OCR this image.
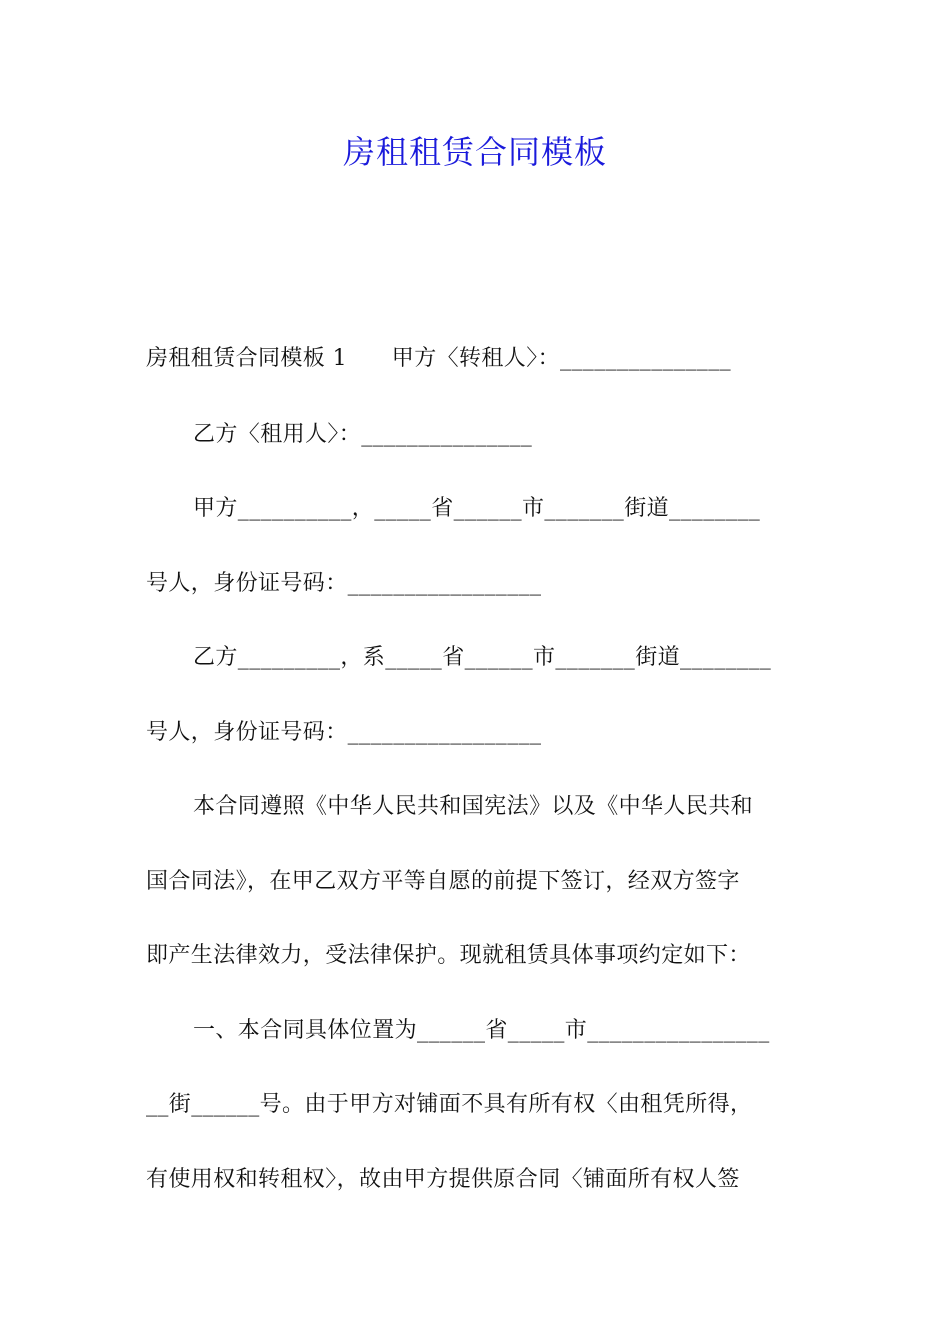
房租租赁合同模板
房租租赁合同模板 1　　甲方〈转租人〉：_______________
乙方〈租用人〉：_______________
甲方__________，_____省______市_______街道________
号人，身份证号码：_________________
乙方_________，系_____省______市_______街道________
号人，身份证号码：_________________
本合同遵照《中华人民共和国宪法》以及《中华人民共和
国合同法》，在甲乙双方平等自愿的前提下签订，经双方签字
即产生法律效力，受法律保护。现就租赁具体事项约定如下：
一、本合同具体位置为______省_____市________________
__街______号。由于甲方对铺面不具有所有权〈由租凭所得，
有使用权和转租权〉，故由甲方提供原合同〈铺面所有权人签
